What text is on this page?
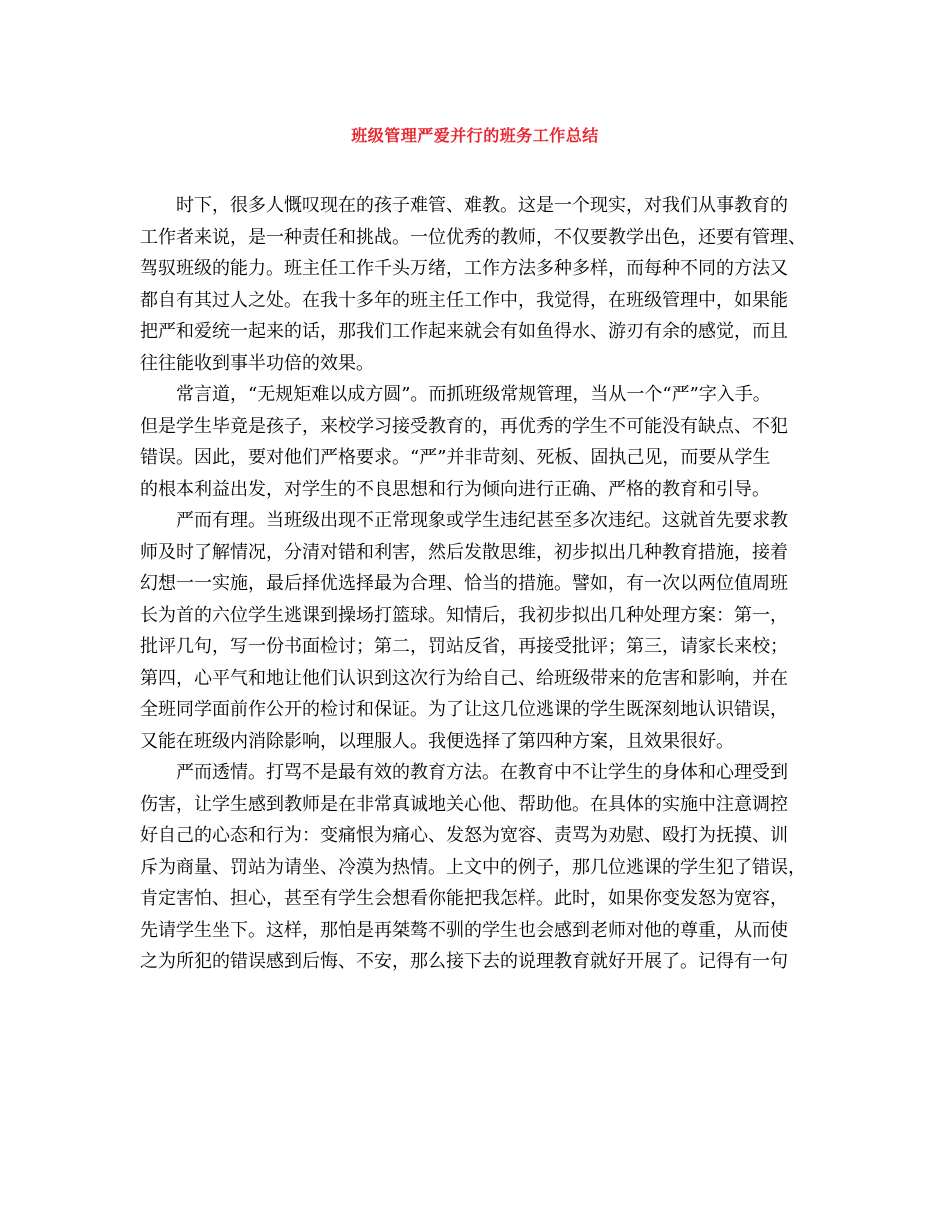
班级管理严爱并行的班务工作总结
时下，很多人慨叹现在的孩子难管、难教。这是一个现实，对我们从事教育的
工作者来说，是一种责任和挑战。一位优秀的教师，不仅要教学出色，还要有管理、
驾驭班级的能力。班主任工作千头万绪，工作方法多种多样，而每种不同的方法又
都自有其过人之处。在我十多年的班主任工作中，我觉得，在班级管理中，如果能
把严和爱统一起来的话，那我们工作起来就会有如鱼得水、游刃有余的感觉，而且
往往能收到事半功倍的效果。
常言道，“无规矩难以成方圆”。而抓班级常规管理，当从一个“严”字入手。
但是学生毕竟是孩子，来校学习接受教育的，再优秀的学生不可能没有缺点、不犯
错误。因此，要对他们严格要求。“严”并非苛刻、死板、固执己见，而要从学生
的根本利益出发，对学生的不良思想和行为倾向进行正确、严格的教育和引导。
严而有理。当班级出现不正常现象或学生违纪甚至多次违纪。这就首先要求教
师及时了解情况，分清对错和利害，然后发散思维，初步拟出几种教育措施，接着
幻想一一实施，最后择优选择最为合理、恰当的措施。譬如，有一次以两位值周班
长为首的六位学生逃课到操场打篮球。知情后，我初步拟出几种处理方案：第一，
批评几句，写一份书面检讨；第二，罚站反省，再接受批评；第三，请家长来校；
第四，心平气和地让他们认识到这次行为给自己、给班级带来的危害和影响，并在
全班同学面前作公开的检讨和保证。为了让这几位逃课的学生既深刻地认识错误，
又能在班级内消除影响，以理服人。我便选择了第四种方案，且效果很好。
严而透情。打骂不是最有效的教育方法。在教育中不让学生的身体和心理受到
伤害，让学生感到教师是在非常真诚地关心他、帮助他。在具体的实施中注意调控
好自己的心态和行为：变痛恨为痛心、发怒为宽容、责骂为劝慰、殴打为抚摸、训
斥为商量、罚站为请坐、冷漠为热情。上文中的例子，那几位逃课的学生犯了错误，
肯定害怕、担心，甚至有学生会想看你能把我怎样。此时，如果你变发怒为宽容，
先请学生坐下。这样，那怕是再桀骜不驯的学生也会感到老师对他的尊重，从而使
之为所犯的错误感到后悔、不安，那么接下去的说理教育就好开展了。记得有一句
